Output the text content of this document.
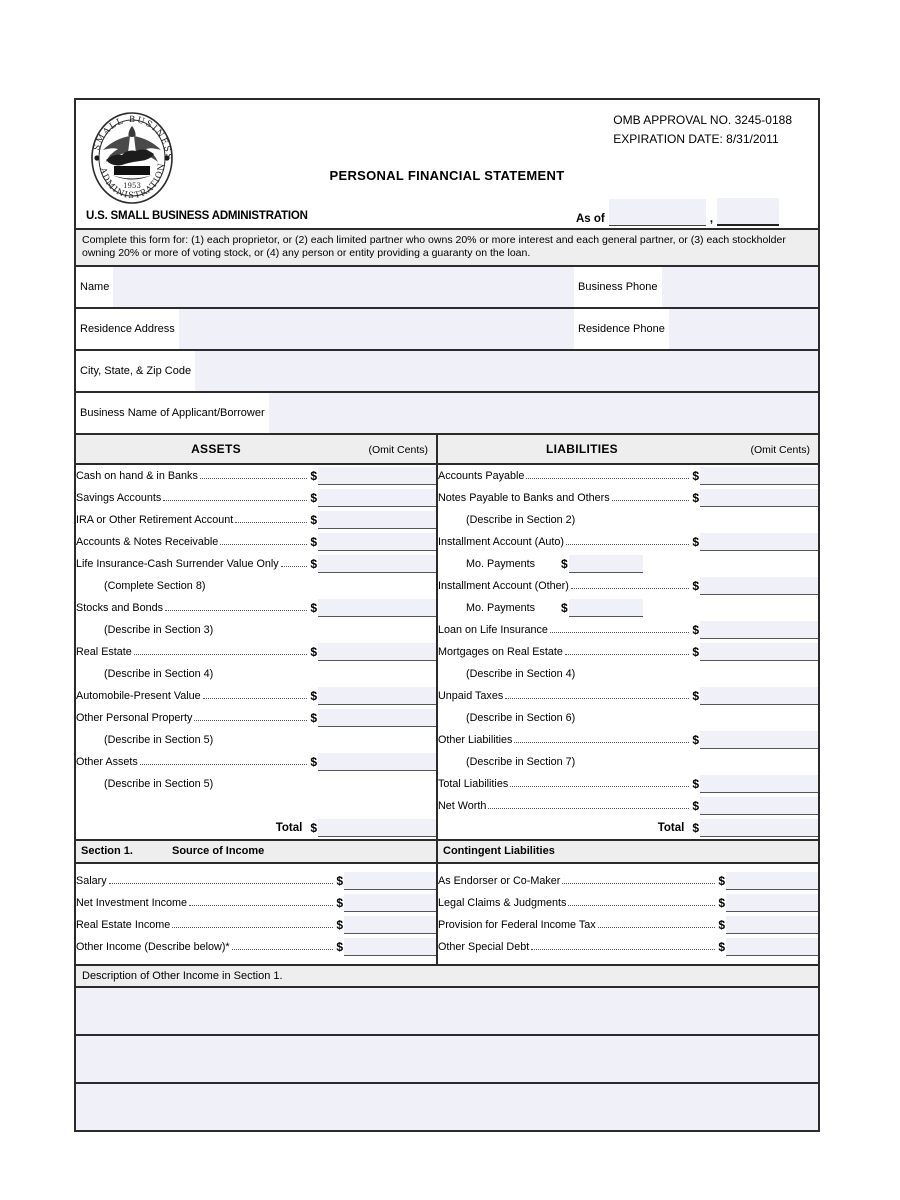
1953
SMALL BUSINESS
ADMINISTRATION
U.S. SMALL BUSINESS ADMINISTRATION
OMB APPROVAL NO. 3245-0188
EXPIRATION DATE: 8/31/2011
PERSONAL FINANCIAL STATEMENT
As of	,
Complete this form for: (1) each proprietor, or (2) each limited partner who owns 20% or more interest and each general partner, or (3) each stockholder owning 20% or more of voting stock, or (4) any person or entity providing a guaranty on the loan.
Name	Business Phone
Residence Address	Residence Phone
City, State, & Zip Code
Business Name of Applicant/Borrower
ASSETS	(Omit Cents)
Cash on hand & in Banks	$
Savings Accounts	$
IRA or Other Retirement Account	$
Accounts & Notes Receivable	$
Life Insurance-Cash Surrender Value Only	$
(Complete Section 8)
Stocks and Bonds	$
(Describe in Section 3)
Real Estate	$
(Describe in Section 4)
Automobile-Present Value	$
Other Personal Property	$
(Describe in Section 5)
Other Assets	$
(Describe in Section 5)
Total $
LIABILITIES	(Omit Cents)
Accounts Payable	$
Notes Payable to Banks and Others	$
(Describe in Section 2)
Installment Account (Auto)	$
Mo. Payments $
Installment Account (Other)	$
Mo. Payments $
Loan on Life Insurance	$
Mortgages on Real Estate	$
(Describe in Section 4)
Unpaid Taxes	$
(Describe in Section 6)
Other Liabilities	$
(Describe in Section 7)
Total Liabilities	$
Net Worth	$
Total $
Section 1.	Source of Income
Salary	$
Net Investment Income	$
Real Estate Income	$
Other Income (Describe below)*	$
Contingent Liabilities
As Endorser or Co-Maker	$
Legal Claims & Judgments	$
Provision for Federal Income Tax	$
Other Special Debt	$
Description of Other Income in Section 1.
